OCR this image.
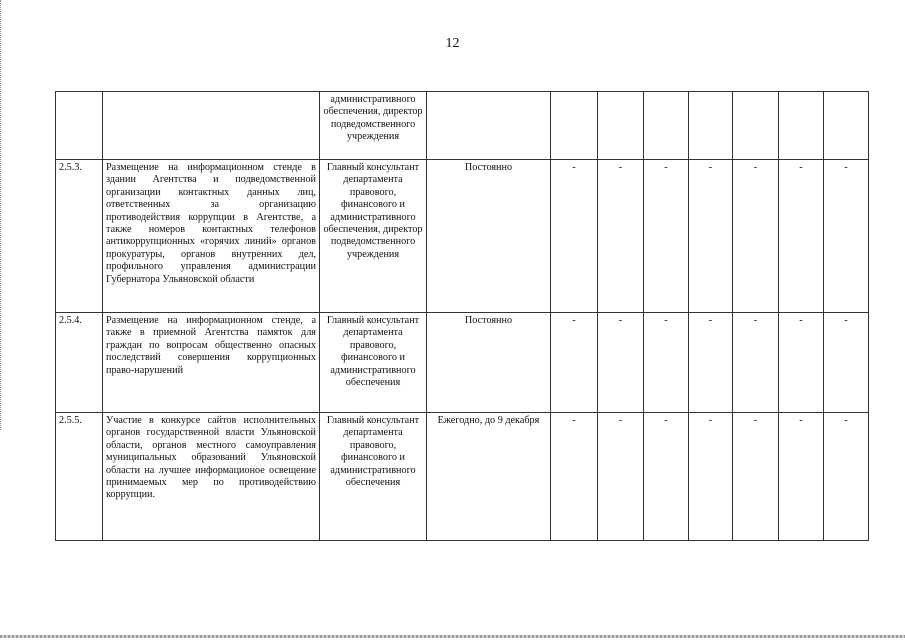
12
		административного обеспечения, директор подведомственного учреждения								
2.5.3.	Размещение на информационном стенде в здании Агентства и подведомственной организации контактных данных лиц, ответственных за организацию противодействия коррупции в Агентстве, а также номеров контактных телефонов антикоррупционных «горячих линий» органов прокуратуры, органов внутренних дел, профильного управления администрации Губернатора Ульяновской области	Главный консультант департамента правового, финансового и административного обеспечения, директор подведомственного учреждения	Постоянно	-	-	-	-	-	-	-
2.5.4.	Размещение на информационном стенде, а также в приемной Агентства памяток для граждан по вопросам общественно опасных последствий совершения коррупционных право-нарушений	Главный консультант департамента правового, финансового и административного обеспечения	Постоянно	-	-	-	-	-	-	-
2.5.5.	Участие в конкурсе сайтов исполнительных органов государственной власти Ульяновской области, органов местного самоуправления муниципальных образований Ульяновской области на лучшее информационое освещение принимаемых мер по противодействию коррупции.	Главный консультант департамента правового, финансового и административного обеспечения	Ежегодно, до 9 декабря	-	-	-	-	-	-	-
